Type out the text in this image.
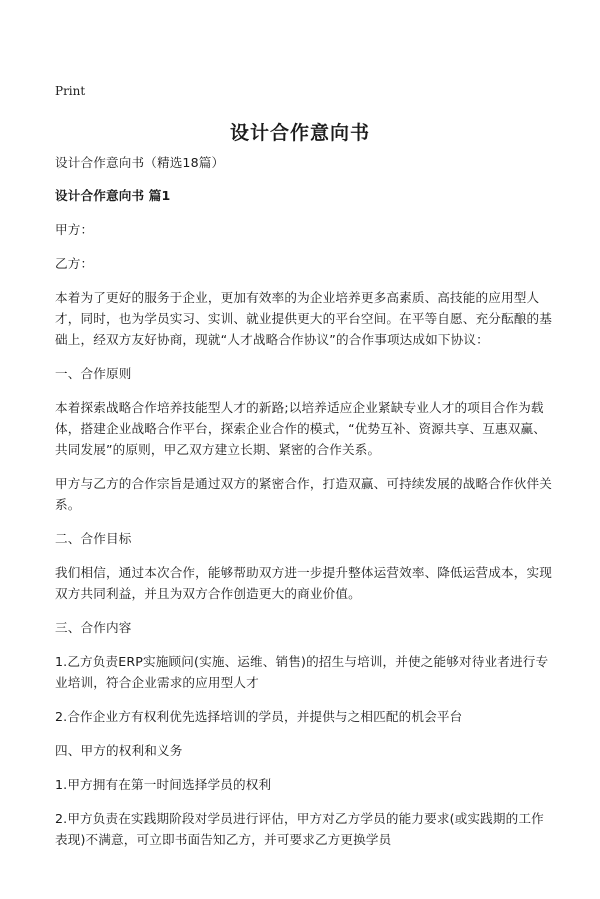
Print
设计合作意向书

设计合作意向书（精选18篇）

设计合作意向书 篇1

甲方：

乙方：

本着为了更好的服务于企业，更加有效率的为企业培养更多高素质、高技能的应用型人才，同时，也为学员实习、实训、就业提供更大的平台空间。在平等自愿、充分酝酿的基础上，经双方友好协商，现就“人才战略合作协议”的合作事项达成如下协议：

一、合作原则

本着探索战略合作培养技能型人才的新路;以培养适应企业紧缺专业人才的项目合作为载体，搭建企业战略合作平台，探索企业合作的模式，“优势互补、资源共享、互惠双赢、共同发展”的原则，甲乙双方建立长期、紧密的合作关系。

甲方与乙方的合作宗旨是通过双方的紧密合作，打造双赢、可持续发展的战略合作伙伴关系。

二、合作目标

我们相信，通过本次合作，能够帮助双方进一步提升整体运营效率、降低运营成本，实现双方共同利益，并且为双方合作创造更大的商业价值。

三、合作内容

1.乙方负责ERP实施顾问(实施、运维、销售)的招生与培训，并使之能够对待业者进行专业培训，符合企业需求的应用型人才

2.合作企业方有权利优先选择培训的学员，并提供与之相匹配的机会平台

四、甲方的权利和义务

1.甲方拥有在第一时间选择学员的权利

2.甲方负责在实践期阶段对学员进行评估，甲方对乙方学员的能力要求(或实践期的工作表现)不满意，可立即书面告知乙方，并可要求乙方更换学员
